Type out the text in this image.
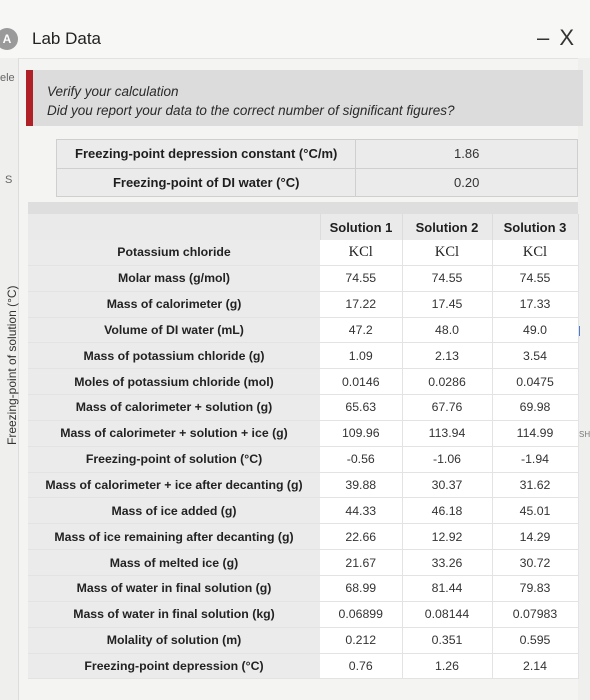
A	Lab Data	– X
ele
S
Freezing-point of solution (°C)	SH
Verify your calculation
Did you report your data to the correct number of significant figures?
Freezing-point depression constant (°C/m)	1.86
Freezing-point of DI water (°C)	0.20
	Solution 1	Solution 2	Solution 3
Potassium chloride	KCl	KCl	KCl
Molar mass (g/mol)	74.55	74.55	74.55
Mass of calorimeter (g)	17.22	17.45	17.33
Volume of DI water (mL)	47.2	48.0	49.0
Mass of potassium chloride (g)	1.09	2.13	3.54
Moles of potassium chloride (mol)	0.0146	0.0286	0.0475
Mass of calorimeter + solution (g)	65.63	67.76	69.98
Mass of calorimeter + solution + ice (g)	109.96	113.94	114.99
Freezing-point of solution (°C)	-0.56	-1.06	-1.94
Mass of calorimeter + ice after decanting (g)	39.88	30.37	31.62
Mass of ice added (g)	44.33	46.18	45.01
Mass of ice remaining after decanting (g)	22.66	12.92	14.29
Mass of melted ice (g)	21.67	33.26	30.72
Mass of water in final solution (g)	68.99	81.44	79.83
Mass of water in final solution (kg)	0.06899	0.08144	0.07983
Molality of solution (m)	0.212	0.351	0.595
Freezing-point depression (°C)	0.76	1.26	2.14
